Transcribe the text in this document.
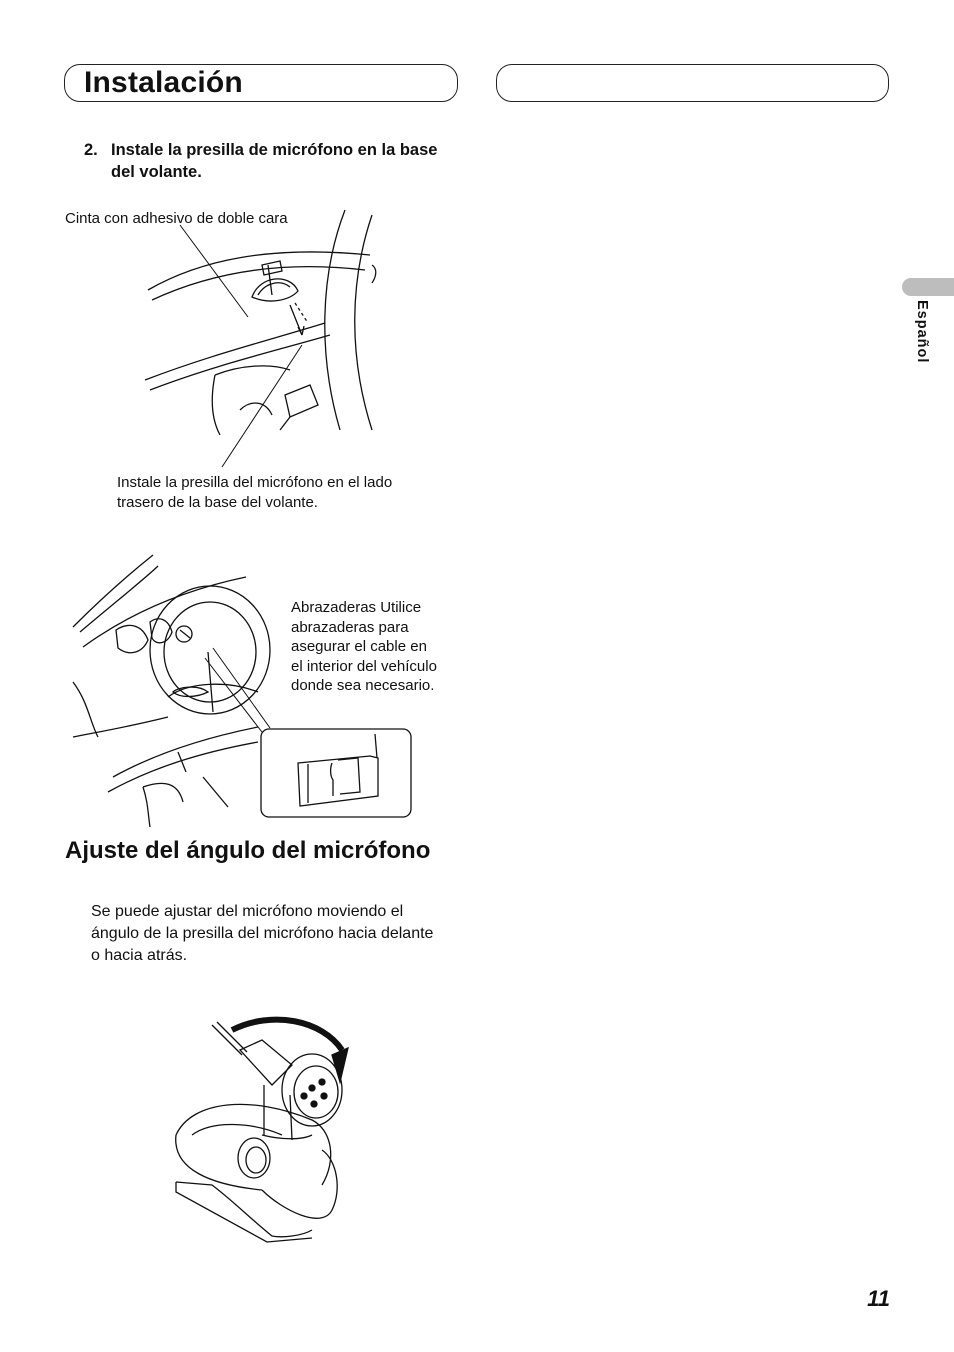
Instalación
2. Instale la presilla de micrófono en la base del volante.
Cinta con adhesivo de doble cara
Instale la presilla del micrófono en el lado trasero de la base del volante.
Abrazaderas Utilice abrazaderas para asegurar el cable en el interior del vehículo donde sea necesario.
Ajuste del ángulo del micrófono
Se puede ajustar del micrófono moviendo el ángulo de la presilla del micrófono hacia delante o hacia atrás.
Español
11
